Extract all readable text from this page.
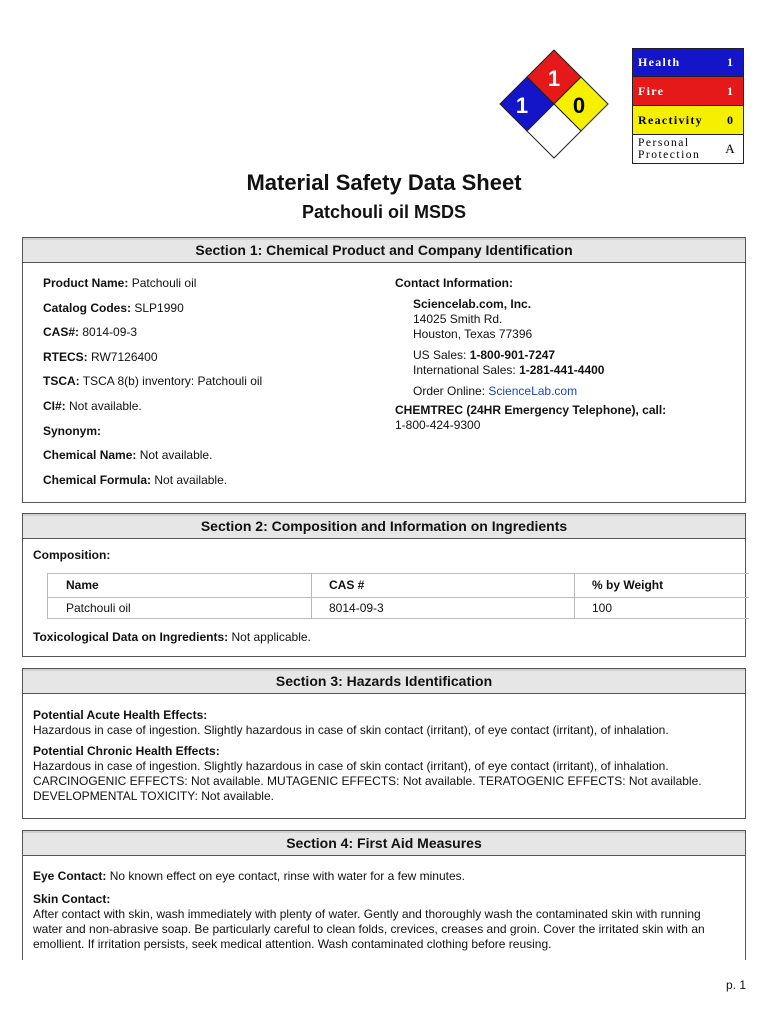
1
1 0
Health	1
Fire	1
Reactivity	0
Personal
Protection	A
Material Safety Data Sheet
Patchouli oil MSDS
Section 1: Chemical Product and Company Identification
Product Name: Patchouli oil
Catalog Codes: SLP1990
CAS#: 8014-09-3
RTECS: RW7126400
TSCA: TSCA 8(b) inventory: Patchouli oil
CI#: Not available.
Synonym:
Chemical Name: Not available.
Chemical Formula: Not available.
Contact Information:
Sciencelab.com, Inc.
14025 Smith Rd.
Houston, Texas 77396
US Sales: 1-800-901-7247
International Sales: 1-281-441-4400
Order Online: ScienceLab.com
CHEMTREC (24HR Emergency Telephone), call:
1-800-424-9300
Section 2: Composition and Information on Ingredients
Composition:
Name	CAS #	% by Weight
Patchouli oil	8014-09-3	100
Toxicological Data on Ingredients: Not applicable.
Section 3: Hazards Identification
Potential Acute Health Effects:
Hazardous in case of ingestion. Slightly hazardous in case of skin contact (irritant), of eye contact (irritant), of inhalation.
Potential Chronic Health Effects:
Hazardous in case of ingestion. Slightly hazardous in case of skin contact (irritant), of eye contact (irritant), of inhalation.
CARCINOGENIC EFFECTS: Not available. MUTAGENIC EFFECTS: Not available. TERATOGENIC EFFECTS: Not available.
DEVELOPMENTAL TOXICITY: Not available.
Section 4: First Aid Measures
Eye Contact: No known effect on eye contact, rinse with water for a few minutes.
Skin Contact:
After contact with skin, wash immediately with plenty of water. Gently and thoroughly wash the contaminated skin with running
water and non-abrasive soap. Be particularly careful to clean folds, crevices, creases and groin. Cover the irritated skin with an
emollient. If irritation persists, seek medical attention. Wash contaminated clothing before reusing.
p. 1
